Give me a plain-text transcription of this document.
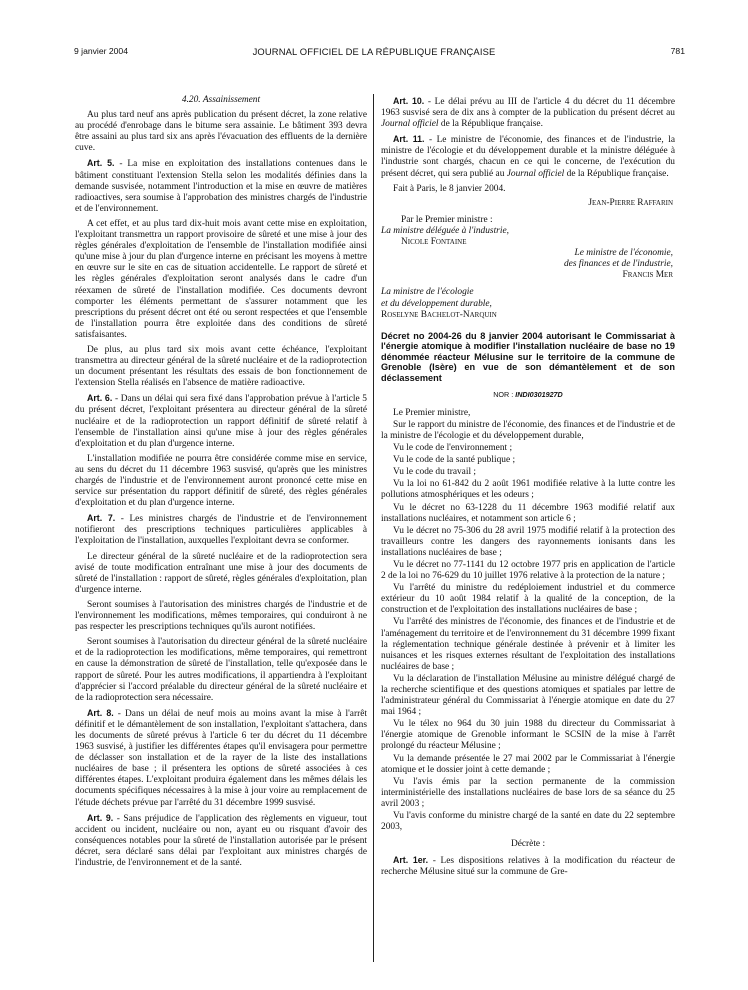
9 janvier 2004	JOURNAL OFFICIEL DE LA RÉPUBLIQUE FRANÇAISE	781

4.20. Assainissement

Au plus tard neuf ans après publication du présent décret, la zone relative au procédé d'enrobage dans le bitume sera assainie. Le bâtiment 393 devra être assaini au plus tard six ans après l'évacuation des effluents de la dernière cuve.

Art. 5. - La mise en exploitation des installations contenues dans le bâtiment constituant l'extension Stella selon les modalités définies dans la demande susvisée, notamment l'introduction et la mise en œuvre de matières radioactives, sera soumise à l'approbation des ministres chargés de l'industrie et de l'environnement.

A cet effet, et au plus tard dix-huit mois avant cette mise en exploitation, l'exploitant transmettra un rapport provisoire de sûreté et une mise à jour des règles générales d'exploitation de l'ensemble de l'installation modifiée ainsi qu'une mise à jour du plan d'urgence interne en précisant les moyens à mettre en œuvre sur le site en cas de situation accidentelle. Le rapport de sûreté et les règles générales d'exploitation seront analysés dans le cadre d'un réexamen de sûreté de l'installation modifiée. Ces documents devront comporter les éléments permettant de s'assurer notamment que les prescriptions du présent décret ont été ou seront respectées et que l'ensemble de l'installation pourra être exploitée dans des conditions de sûreté satisfaisantes.

De plus, au plus tard six mois avant cette échéance, l'exploitant transmettra au directeur général de la sûreté nucléaire et de la radioprotection un document présentant les résultats des essais de bon fonctionnement de l'extension Stella réalisés en l'absence de matière radioactive.

Art. 6. - Dans un délai qui sera fixé dans l'approbation prévue à l'article 5 du présent décret, l'exploitant présentera au directeur général de la sûreté nucléaire et de la radioprotection un rapport définitif de sûreté relatif à l'ensemble de l'installation ainsi qu'une mise à jour des règles générales d'exploitation et du plan d'urgence interne.

L'installation modifiée ne pourra être considérée comme mise en service, au sens du décret du 11 décembre 1963 susvisé, qu'après que les ministres chargés de l'industrie et de l'environnement auront prononcé cette mise en service sur présentation du rapport définitif de sûreté, des règles générales d'exploitation et du plan d'urgence interne.

Art. 7. - Les ministres chargés de l'industrie et de l'environnement notifieront des prescriptions techniques particulières applicables à l'exploitation de l'installation, auxquelles l'exploitant devra se conformer.

Le directeur général de la sûreté nucléaire et de la radioprotection sera avisé de toute modification entraînant une mise à jour des documents de sûreté de l'installation : rapport de sûreté, règles générales d'exploitation, plan d'urgence interne.

Seront soumises à l'autorisation des ministres chargés de l'industrie et de l'environnement les modifications, mêmes temporaires, qui conduiront à ne pas respecter les prescriptions techniques qu'ils auront notifiées.

Seront soumises à l'autorisation du directeur général de la sûreté nucléaire et de la radioprotection les modifications, même temporaires, qui remettront en cause la démonstration de sûreté de l'installation, telle qu'exposée dans le rapport de sûreté. Pour les autres modifications, il appartiendra à l'exploitant d'apprécier si l'accord préalable du directeur général de la sûreté nucléaire et de la radioprotection sera nécessaire.

Art. 8. - Dans un délai de neuf mois au moins avant la mise à l'arrêt définitif et le démantèlement de son installation, l'exploitant s'attachera, dans les documents de sûreté prévus à l'article 6 ter du décret du 11 décembre 1963 susvisé, à justifier les différentes étapes qu'il envisagera pour permettre de déclasser son installation et de la rayer de la liste des installations nucléaires de base ; il présentera les options de sûreté associées à ces différentes étapes. L'exploitant produira également dans les mêmes délais les documents spécifiques nécessaires à la mise à jour voire au remplacement de l'étude déchets prévue par l'arrêté du 31 décembre 1999 susvisé.

Art. 9. - Sans préjudice de l'application des règlements en vigueur, tout accident ou incident, nucléaire ou non, ayant eu ou risquant d'avoir des conséquences notables pour la sûreté de l'installation autorisée par le présent décret, sera déclaré sans délai par l'exploitant aux ministres chargés de l'industrie, de l'environnement et de la santé.

Art. 10. - Le délai prévu au III de l'article 4 du décret du 11 décembre 1963 susvisé sera de dix ans à compter de la publication du présent décret au Journal officiel de la République française.

Art. 11. - Le ministre de l'économie, des finances et de l'industrie, la ministre de l'écologie et du développement durable et la ministre déléguée à l'industrie sont chargés, chacun en ce qui le concerne, de l'exécution du présent décret, qui sera publié au Journal officiel de la République française.

Fait à Paris, le 8 janvier 2004.

Jean-Pierre Raffarin

Par le Premier ministre :

La ministre déléguée à l'industrie,

Nicole Fontaine

Le ministre de l'économie,

des finances et de l'industrie,

Francis Mer

La ministre de l'écologie

et du développement durable,

Roselyne Bachelot-Narquin

Décret no 2004-26 du 8 janvier 2004 autorisant le Commissariat à l'énergie atomique à modifier l'installation nucléaire de base no 19 dénommée réacteur Mélusine sur le territoire de la commune de Grenoble (Isère) en vue de son démantèlement et de son déclassement

NOR : INDI0301927D

Le Premier ministre,

Sur le rapport du ministre de l'économie, des finances et de l'industrie et de la ministre de l'écologie et du développement durable,

Vu le code de l'environnement ;

Vu le code de la santé publique ;

Vu le code du travail ;

Vu la loi no 61-842 du 2 août 1961 modifiée relative à la lutte contre les pollutions atmosphériques et les odeurs ;

Vu le décret no 63-1228 du 11 décembre 1963 modifié relatif aux installations nucléaires, et notamment son article 6 ;

Vu le décret no 75-306 du 28 avril 1975 modifié relatif à la protection des travailleurs contre les dangers des rayonnements ionisants dans les installations nucléaires de base ;

Vu le décret no 77-1141 du 12 octobre 1977 pris en application de l'article 2 de la loi no 76-629 du 10 juillet 1976 relative à la protection de la nature ;

Vu l'arrêté du ministre du redéploiement industriel et du commerce extérieur du 10 août 1984 relatif à la qualité de la conception, de la construction et de l'exploitation des installations nucléaires de base ;

Vu l'arrêté des ministres de l'économie, des finances et de l'industrie et de l'aménagement du territoire et de l'environnement du 31 décembre 1999 fixant la réglementation technique générale destinée à prévenir et à limiter les nuisances et les risques externes résultant de l'exploitation des installations nucléaires de base ;

Vu la déclaration de l'installation Mélusine au ministre délégué chargé de la recherche scientifique et des questions atomiques et spatiales par lettre de l'administrateur général du Commissariat à l'énergie atomique en date du 27 mai 1964 ;

Vu le télex no 964 du 30 juin 1988 du directeur du Commissariat à l'énergie atomique de Grenoble informant le SCSIN de la mise à l'arrêt prolongé du réacteur Mélusine ;

Vu la demande présentée le 27 mai 2002 par le Commissariat à l'énergie atomique et le dossier joint à cette demande ;

Vu l'avis émis par la section permanente de la commission interministérielle des installations nucléaires de base lors de sa séance du 25 avril 2003 ;

Vu l'avis conforme du ministre chargé de la santé en date du 22 septembre 2003,

Décrète :

Art. 1er. - Les dispositions relatives à la modification du réacteur de recherche Mélusine situé sur la commune de Gre-
